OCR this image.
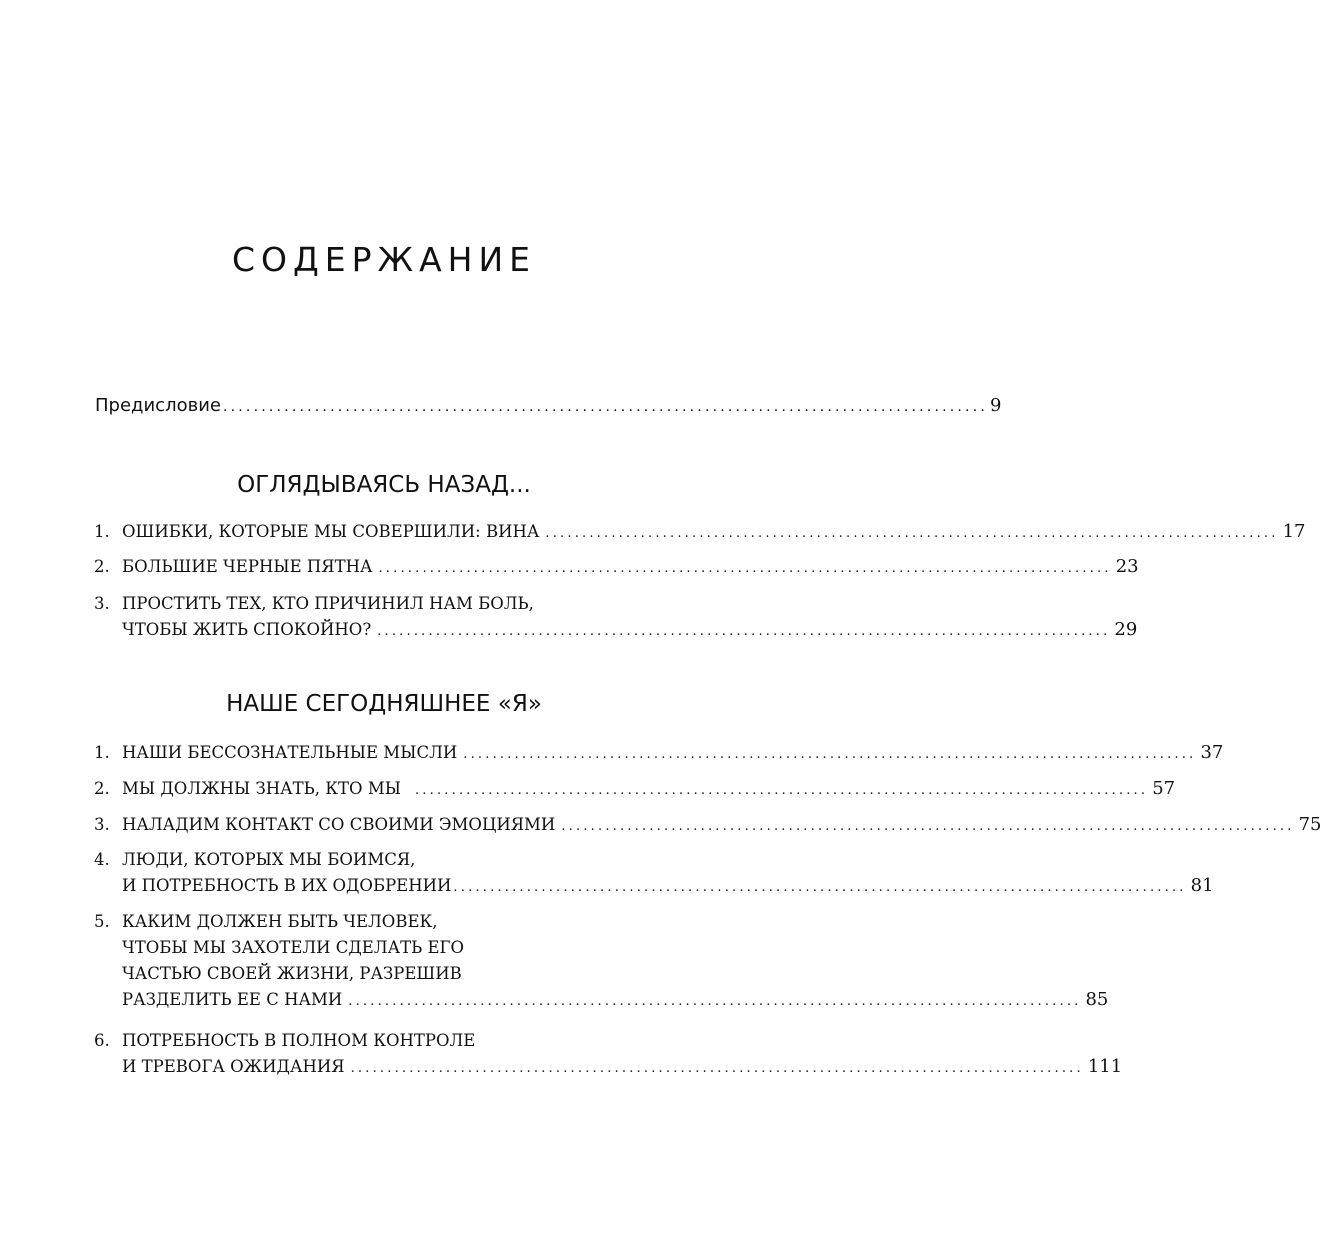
СОДЕРЖАНИЕ
Предисловие .................................................................................................... 9
ОГЛЯДЫВАЯСЬ НАЗАД...
1. ОШИБКИ, КОТОРЫЕ МЫ СОВЕРШИЛИ: ВИНА .................................................................................................... 17
2. БОЛЬШИЕ ЧЕРНЫЕ ПЯТНА .................................................................................................... 23
3. ПРОСТИТЬ ТЕХ, КТО ПРИЧИНИЛ НАМ БОЛЬ,
ЧТОБЫ ЖИТЬ СПОКОЙНО? .................................................................................................... 29
НАШЕ СЕГОДНЯШНЕЕ «Я»
1. НАШИ БЕССОЗНАТЕЛЬНЫЕ МЫСЛИ .................................................................................................... 37
2. МЫ ДОЛЖНЫ ЗНАТЬ, КТО МЫ .................................................................................................... 57
3. НАЛАДИМ КОНТАКТ СО СВОИМИ ЭМОЦИЯМИ .................................................................................................... 75
4. ЛЮДИ, КОТОРЫХ МЫ БОИМСЯ,
И ПОТРЕБНОСТЬ В ИХ ОДОБРЕНИИ .................................................................................................... 81
5. КАКИМ ДОЛЖЕН БЫТЬ ЧЕЛОВЕК,
ЧТОБЫ МЫ ЗАХОТЕЛИ СДЕЛАТЬ ЕГО
ЧАСТЬЮ СВОЕЙ ЖИЗНИ, РАЗРЕШИВ
РАЗДЕЛИТЬ ЕЕ С НАМИ .................................................................................................... 85
6. ПОТРЕБНОСТЬ В ПОЛНОМ КОНТРОЛЕ
И ТРЕВОГА ОЖИДАНИЯ .................................................................................................... 111
